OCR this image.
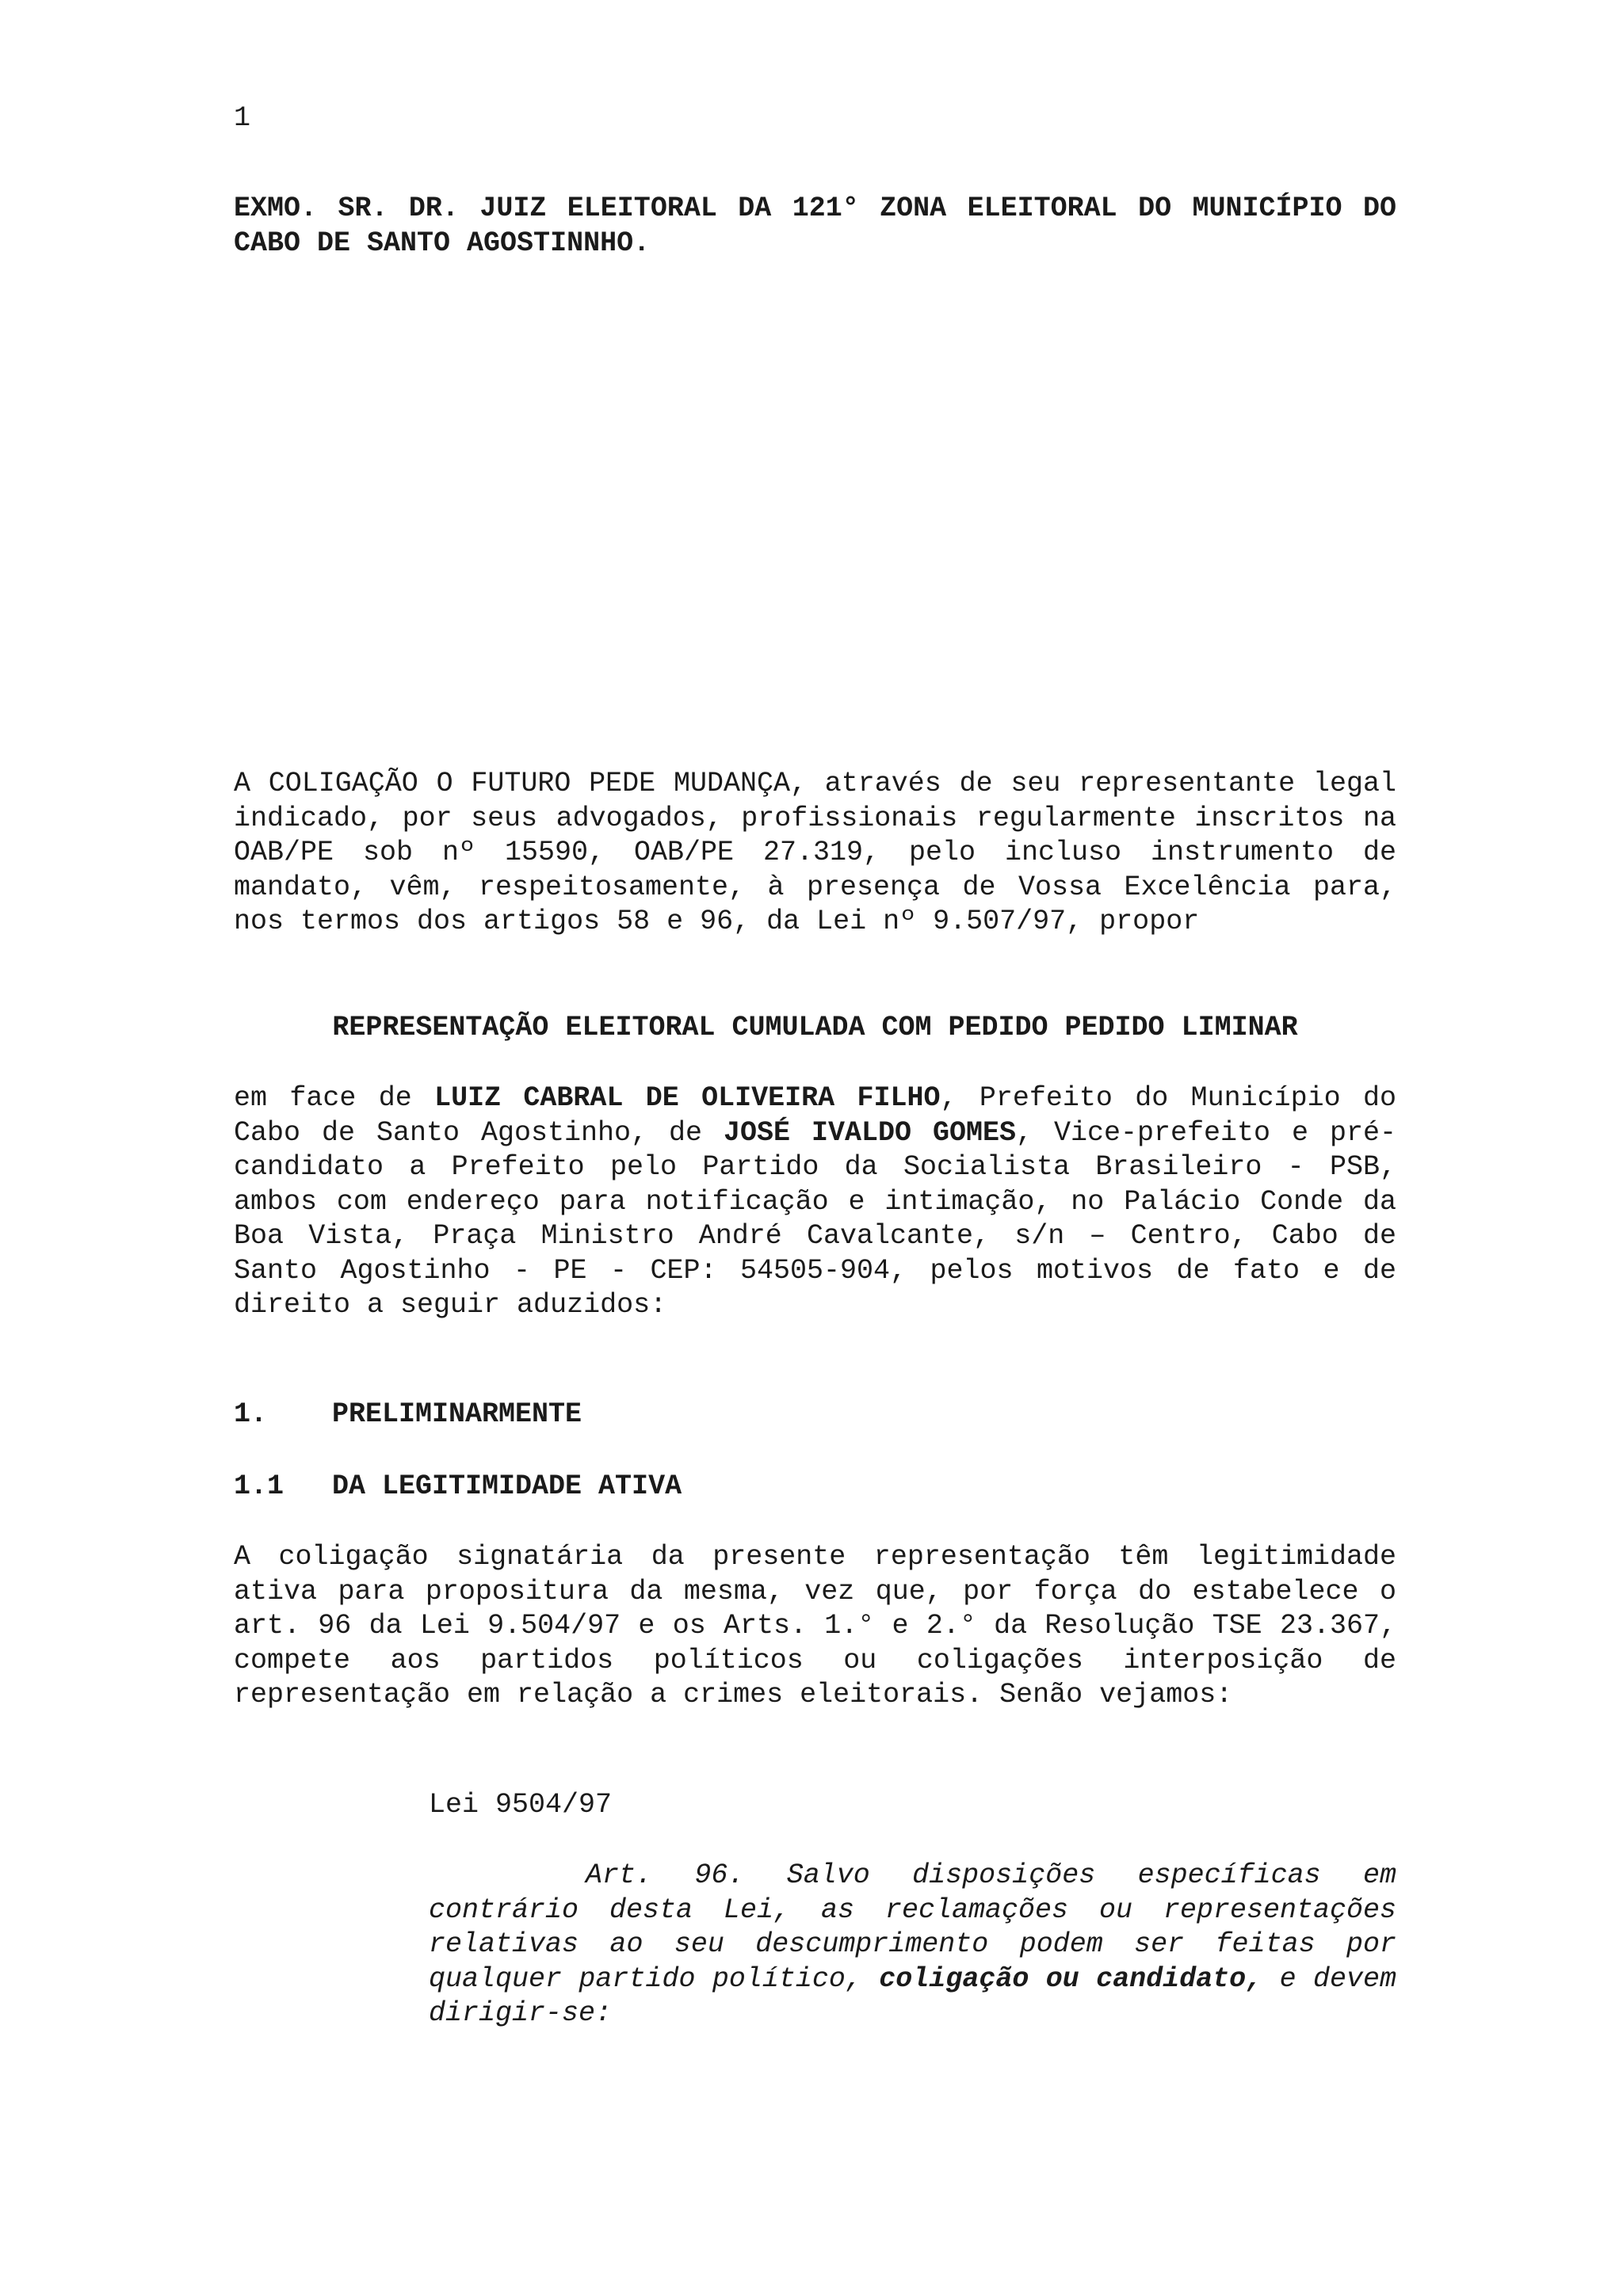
1
EXMO. SR. DR. JUIZ ELEITORAL DA 121° ZONA ELEITORAL DO MUNICÍPIO DO CABO DE SANTO AGOSTINNHO.
A COLIGAÇÃO O FUTURO PEDE MUDANÇA, através de seu representante legal indicado, por seus advogados, profissionais regularmente inscritos na OAB/PE sob nº 15590, OAB/PE 27.319, pelo incluso instrumento de mandato, vêm, respeitosamente, à presença de Vossa Excelência para, nos termos dos artigos 58 e 96, da Lei nº 9.507/97, propor
REPRESENTAÇÃO ELEITORAL CUMULADA COM PEDIDO PEDIDO LIMINAR
em face de LUIZ CABRAL DE OLIVEIRA FILHO, Prefeito do Município do Cabo de Santo Agostinho, de JOSÉ IVALDO GOMES, Vice-prefeito e pré-candidato a Prefeito pelo Partido da Socialista Brasileiro - PSB, ambos com endereço para notificação e intimação, no Palácio Conde da Boa Vista, Praça Ministro André Cavalcante, s/n – Centro, Cabo de Santo Agostinho - PE - CEP: 54505-904, pelos motivos de fato e de direito a seguir aduzidos:
1. PRELIMINARMENTE
1.1 DA LEGITIMIDADE ATIVA
A coligação signatária da presente representação têm legitimidade ativa para propositura da mesma, vez que, por força do estabelece o art. 96 da Lei 9.504/97 e os Arts. 1.° e 2.° da Resolução TSE 23.367, compete aos partidos políticos ou coligações interposição de representação em relação a crimes eleitorais. Senão vejamos:
Lei 9504/97
Art. 96. Salvo disposições específicas em contrário desta Lei, as reclamações ou representações relativas ao seu descumprimento podem ser feitas por qualquer partido político, coligação ou candidato, e devem dirigir-se:
